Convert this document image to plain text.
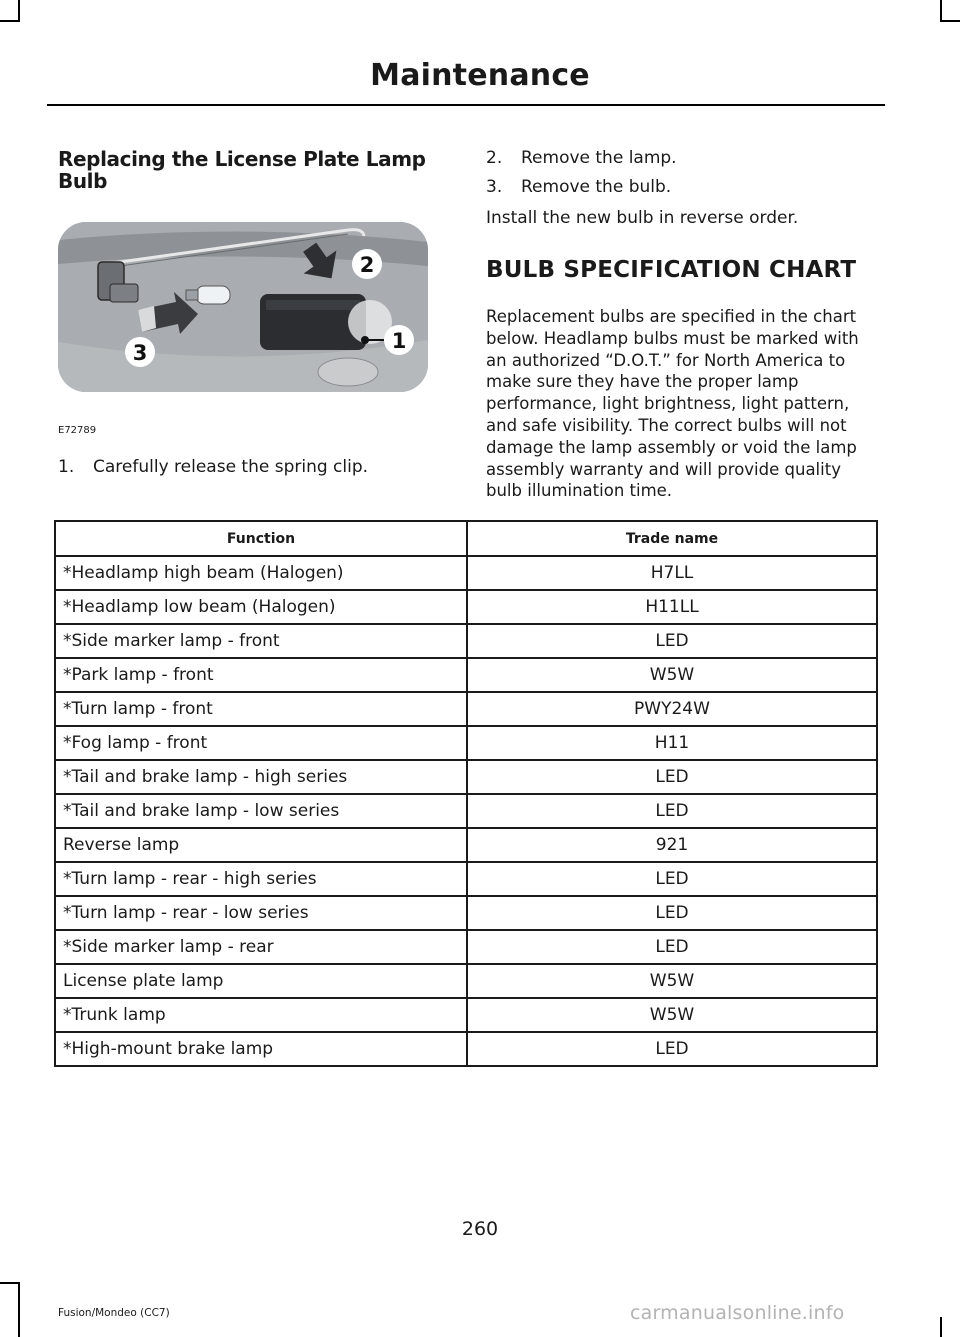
Maintenance
Replacing the License Plate Lamp Bulb
1
2
3
E72789
1.	Carefully release the spring clip.
2.	Remove the lamp.
3.	Remove the bulb.
Install the new bulb in reverse order.
BULB SPECIFICATION CHART
Replacement bulbs are specified in the chart below. Headlamp bulbs must be marked with an authorized “D.O.T.” for North America to make sure they have the proper lamp performance, light brightness, light pattern, and safe visibility. The correct bulbs will not damage the lamp assembly or void the lamp assembly warranty and will provide quality bulb illumination time.
Function	Trade name
*Headlamp high beam (Halogen)	H7LL
*Headlamp low beam (Halogen)	H11LL
*Side marker lamp - front	LED
*Park lamp - front	W5W
*Turn lamp - front	PWY24W
*Fog lamp - front	H11
*Tail and brake lamp - high series	LED
*Tail and brake lamp - low series	LED
Reverse lamp	921
*Turn lamp - rear - high series	LED
*Turn lamp - rear - low series	LED
*Side marker lamp - rear	LED
License plate lamp	W5W
*Trunk lamp	W5W
*High-mount brake lamp	LED
260
Fusion/Mondeo (CC7)	carmanualsonline.info
